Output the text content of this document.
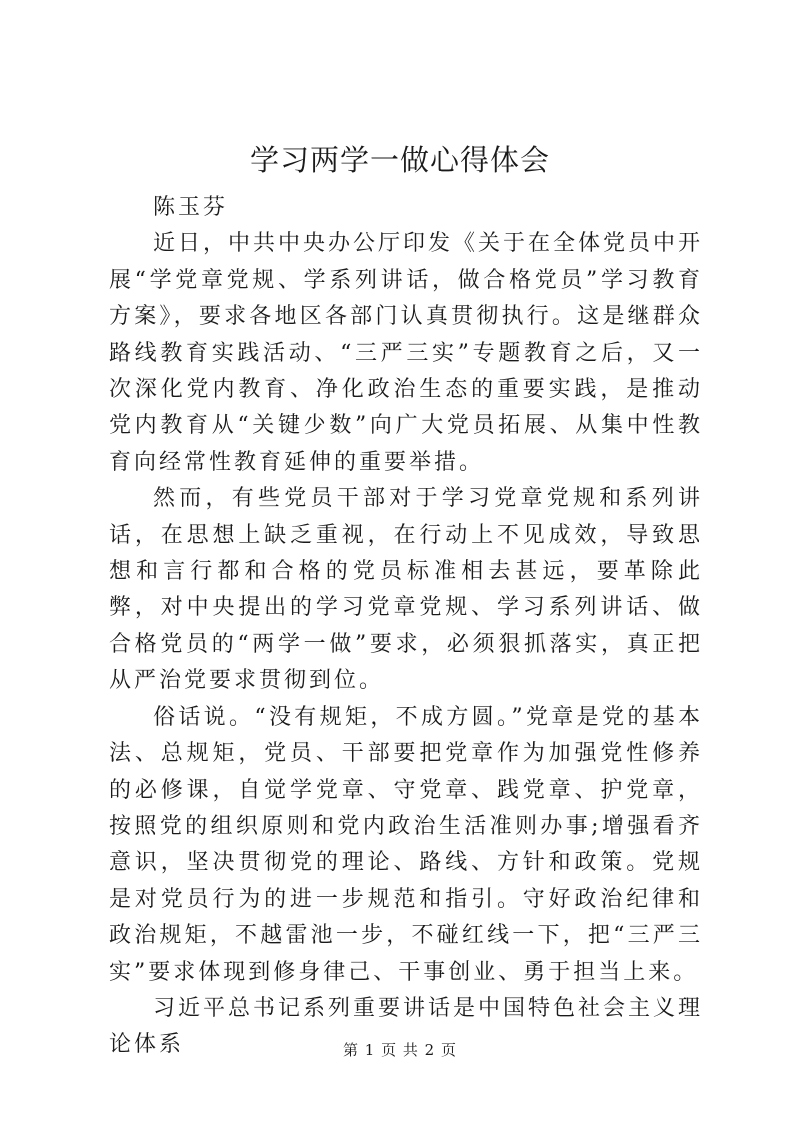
学习两学一做心得体会

陈玉芬

近日，中共中央办公厅印发《关于在全体党员中开展“学党章党规、学系列讲话，做合格党员”学习教育方案》，要求各地区各部门认真贯彻执行。这是继群众路线教育实践活动、“三严三实”专题教育之后，又一次深化党内教育、净化政治生态的重要实践，是推动党内教育从“关键少数”向广大党员拓展、从集中性教育向经常性教育延伸的重要举措。

然而，有些党员干部对于学习党章党规和系列讲话，在思想上缺乏重视，在行动上不见成效，导致思想和言行都和合格的党员标准相去甚远，要革除此弊，对中央提出的学习党章党规、学习系列讲话、做合格党员的“两学一做”要求，必须狠抓落实，真正把从严治党要求贯彻到位。

俗话说。“没有规矩，不成方圆。”党章是党的基本法、总规矩，党员、干部要把党章作为加强党性修养的必修课，自觉学党章、守党章、践党章、护党章，按照党的组织原则和党内政治生活准则办事;增强看齐意识，坚决贯彻党的理论、路线、方针和政策。党规是对党员行为的进一步规范和指引。守好政治纪律和政治规矩，不越雷池一步，不碰红线一下，把“三严三实”要求体现到修身律己、干事创业、勇于担当上来。

习近平总书记系列重要讲话是中国特色社会主义理论体系	第 1 页 共 2 页
